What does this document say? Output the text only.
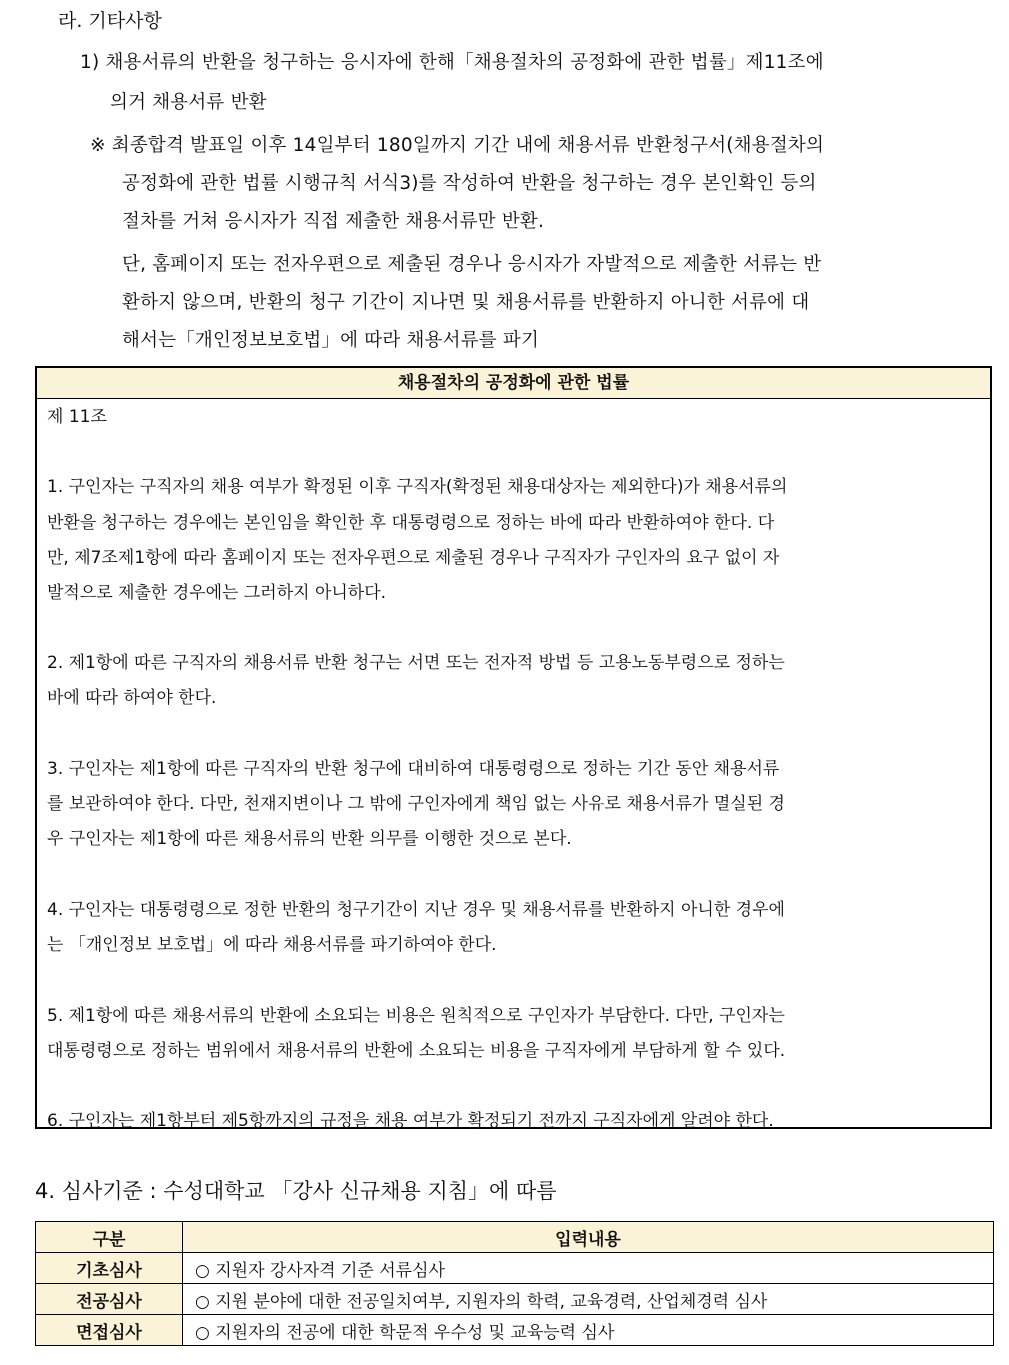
라. 기타사항
1) 채용서류의 반환을 청구하는 응시자에 한해「채용절차의 공정화에 관한 법률」제11조에
의거 채용서류 반환
※ 최종합격 발표일 이후 14일부터 180일까지 기간 내에 채용서류 반환청구서(채용절차의
공정화에 관한 법률 시행규칙 서식3)를 작성하여 반환을 청구하는 경우 본인확인 등의
절차를 거쳐 응시자가 직접 제출한 채용서류만 반환.
단, 홈페이지 또는 전자우편으로 제출된 경우나 응시자가 자발적으로 제출한 서류는 반
환하지 않으며, 반환의 청구 기간이 지나면 및 채용서류를 반환하지 아니한 서류에 대
해서는「개인정보보호법」에 따라 채용서류를 파기
채용절차의 공정화에 관한 법률
제 11조
1. 구인자는 구직자의 채용 여부가 확정된 이후 구직자(확정된 채용대상자는 제외한다)가 채용서류의
반환을 청구하는 경우에는 본인임을 확인한 후 대통령령으로 정하는 바에 따라 반환하여야 한다. 다
만, 제7조제1항에 따라 홈페이지 또는 전자우편으로 제출된 경우나 구직자가 구인자의 요구 없이 자
발적으로 제출한 경우에는 그러하지 아니하다.
2. 제1항에 따른 구직자의 채용서류 반환 청구는 서면 또는 전자적 방법 등 고용노동부령으로 정하는
바에 따라 하여야 한다.
3. 구인자는 제1항에 따른 구직자의 반환 청구에 대비하여 대통령령으로 정하는 기간 동안 채용서류
를 보관하여야 한다. 다만, 천재지변이나 그 밖에 구인자에게 책임 없는 사유로 채용서류가 멸실된 경
우 구인자는 제1항에 따른 채용서류의 반환 의무를 이행한 것으로 본다.
4. 구인자는 대통령령으로 정한 반환의 청구기간이 지난 경우 및 채용서류를 반환하지 아니한 경우에
는 「개인정보 보호법」에 따라 채용서류를 파기하여야 한다.
5. 제1항에 따른 채용서류의 반환에 소요되는 비용은 원칙적으로 구인자가 부담한다. 다만, 구인자는
대통령령으로 정하는 범위에서 채용서류의 반환에 소요되는 비용을 구직자에게 부담하게 할 수 있다.
6. 구인자는 제1항부터 제5항까지의 규정을 채용 여부가 확정되기 전까지 구직자에게 알려야 한다.
4. 심사기준 : 수성대학교 「강사 신규채용 지침」에 따름
구분	입력내용
기초심사	○ 지원자 강사자격 기준 서류심사
전공심사	○ 지원 분야에 대한 전공일치여부, 지원자의 학력, 교육경력, 산업체경력 심사
면접심사	○ 지원자의 전공에 대한 학문적 우수성 및 교육능력 심사
